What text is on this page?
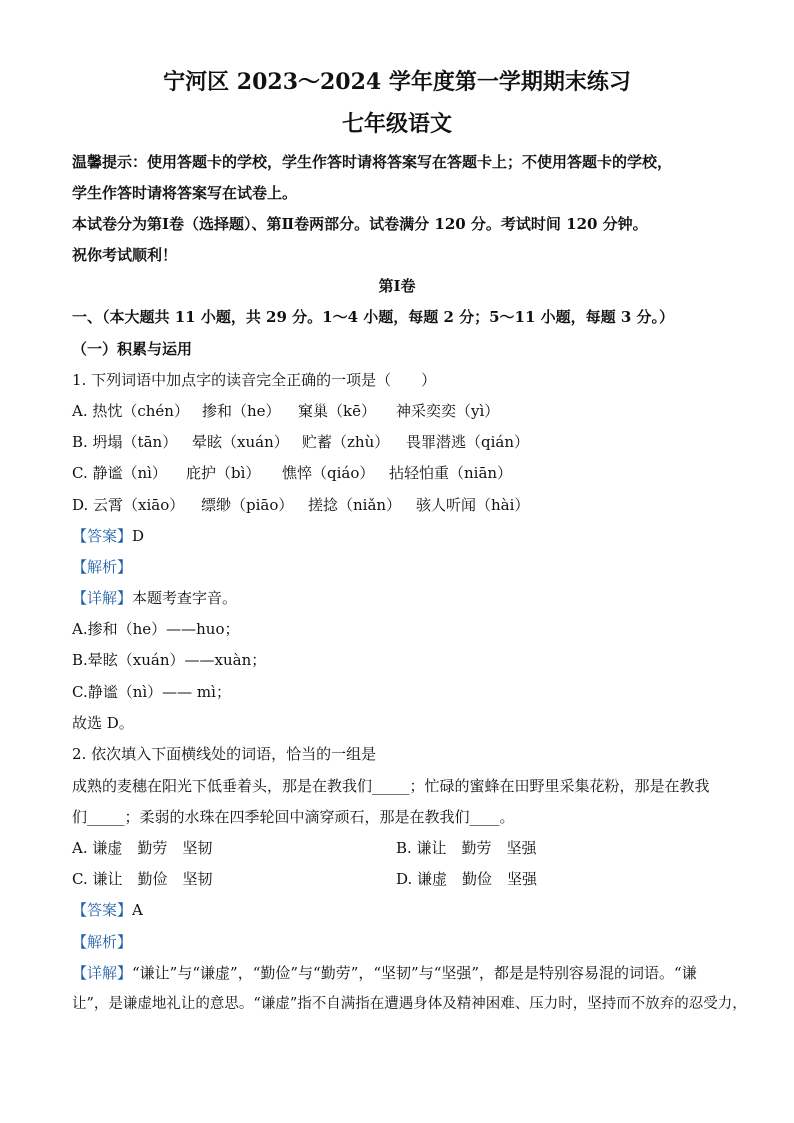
宁河区 2023～2024 学年度第一学期期末练习
七年级语文
温馨提示：使用答题卡的学校，学生作答时请将答案写在答题卡上；不使用答题卡的学校，
学生作答时请将答案写在试卷上。
本试卷分为第Ⅰ卷（选择题）、第Ⅱ卷两部分。试卷满分 120 分。考试时间 120 分钟。
祝你考试顺利！
第Ⅰ卷
一、（本大题共 11 小题，共 29 分。1～4 小题，每题 2 分；5～11 小题，每题 3 分。）
（一）积累与运用
1. 下列词语中加点字的读音完全正确的一项是（　　）
A. 热忱（chén） 掺和（he） 窠巢（kē） 神采奕奕（yì）
B. 坍塌（tān） 晕眩（xuán） 贮蓄（zhù） 畏罪潜逃（qián）
C. 静谧（nì） 庇护（bì） 憔悴（qiáo） 拈轻怕重（niān）
D. 云霄（xiāo） 缥缈（piāo） 搓捻（niǎn） 骇人听闻（hài）
【答案】D
【解析】
【详解】本题考查字音。
A.掺和（he）——huo；
B.晕眩（xuán）——xuàn；
C.静谧（nì）—— mì；
故选 D。
2. 依次填入下面横线处的词语，恰当的一组是
成熟的麦穗在阳光下低垂着头，那是在教我们_____；忙碌的蜜蜂在田野里采集花粉，那是在教我
们_____；柔弱的水珠在四季轮回中滴穿顽石，那是在教我们____。
A. 谦虚　勤劳　坚韧	B. 谦让　勤劳　坚强
C. 谦让　勤俭　坚韧	D. 谦虚　勤俭　坚强
【答案】A
【解析】
【详解】“谦让”与“谦虚”，“勤俭”与“勤劳”，“坚韧”与“坚强”，都是是特别容易混的词语。“谦
让”，是谦虚地礼让的意思。“谦虚”指不自满指在遭遇身体及精神困难、压力时，坚持而不放弃的忍受力，
